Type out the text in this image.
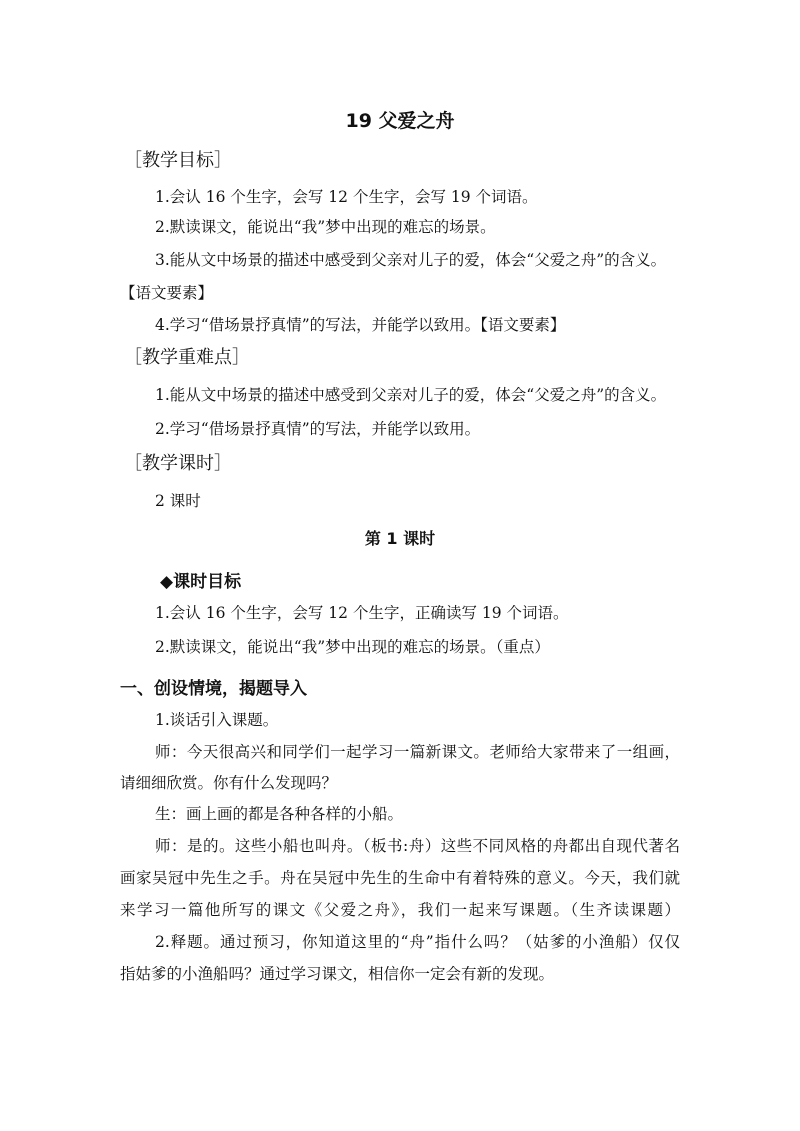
19 父爱之舟
［教学目标］
1.会认 16 个生字，会写 12 个生字，会写 19 个词语。
2.默读课文，能说出“我”梦中出现的难忘的场景。
3.能从文中场景的描述中感受到父亲对儿子的爱，体会“父爱之舟”的含义。
【语文要素】
4.学习“借场景抒真情”的写法，并能学以致用。【语文要素】
［教学重难点］
1.能从文中场景的描述中感受到父亲对儿子的爱，体会“父爱之舟”的含义。
2.学习“借场景抒真情”的写法，并能学以致用。
［教学课时］
2 课时
第 1 课时
◆课时目标
1.会认 16 个生字，会写 12 个生字，正确读写 19 个词语。
2.默读课文，能说出“我”梦中出现的难忘的场景。（重点）
一、创设情境，揭题导入
1.谈话引入课题。
师：今天很高兴和同学们一起学习一篇新课文。老师给大家带来了一组画，
请细细欣赏。你有什么发现吗？
生：画上画的都是各种各样的小船。
师：是的。这些小船也叫舟。（板书:舟）这些不同风格的舟都出自现代著名
画家吴冠中先生之手。舟在吴冠中先生的生命中有着特殊的意义。今天，我们就
来学习一篇他所写的课文《父爱之舟》，我们一起来写课题。（生齐读课题）
2.释题。通过预习，你知道这里的“舟”指什么吗？（姑爹的小渔船）仅仅
指姑爹的小渔船吗？通过学习课文，相信你一定会有新的发现。
